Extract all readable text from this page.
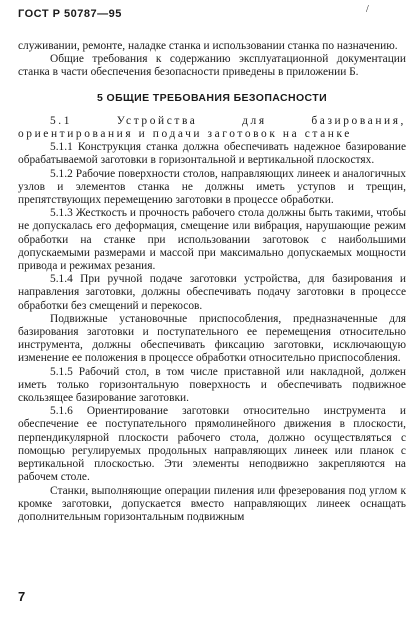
ГОСТ Р 50787—95	/

служивании, ремонте, наладке станка и использовании станка по назначению.

Общие требования к содержанию эксплуатационной документации станка в части обеспечения безопасности приведены в приложении Б.

5 ОБЩИЕ ТРЕБОВАНИЯ БЕЗОПАСНОСТИ

5.1 Устройства для базирования, ориентирования и подачи заготовок на станке

5.1.1 Конструкция станка должна обеспечивать надежное базирование обрабатываемой заготовки в горизонтальной и вертикальной плоскостях.

5.1.2 Рабочие поверхности столов, направляющих линеек и аналогичных узлов и элементов станка не должны иметь уступов и трещин, препятствующих перемещению заготовки в процессе обработки.

5.1.3 Жесткость и прочность рабочего стола должны быть такими, чтобы не допускалась его деформация, смещение или вибрация, нарушающие режим обработки на станке при использовании заготовок с наибольшими допускаемыми размерами и массой при максимально допускаемых мощности привода и режимах резания.

5.1.4 При ручной подаче заготовки устройства, для базирования и направления заготовки, должны обеспечивать подачу заготовки в процессе обработки без смещений и перекосов.

Подвижные установочные приспособления, предназначенные для базирования заготовки и поступательного ее перемещения относительно инструмента, должны обеспечивать фиксацию заготовки, исключающую изменение ее положения в процессе обработки относительно приспособления.

5.1.5 Рабочий стол, в том числе приставной или накладной, должен иметь только горизонтальную поверхность и обеспечивать подвижное скользящее базирование заготовки.

5.1.6 Ориентирование заготовки относительно инструмента и обеспечение ее поступательного прямолинейного движения в плоскости, перпендикулярной плоскости рабочего стола, должно осуществляться с помощью регулируемых продольных направляющих линеек или планок с вертикальной плоскостью. Эти элементы неподвижно закрепляются на рабочем столе.

Станки, выполняющие операции пиления или фрезерования под углом к кромке заготовки, допускается вместо направляющих линеек оснащать дополнительным горизонтальным подвижным

7
